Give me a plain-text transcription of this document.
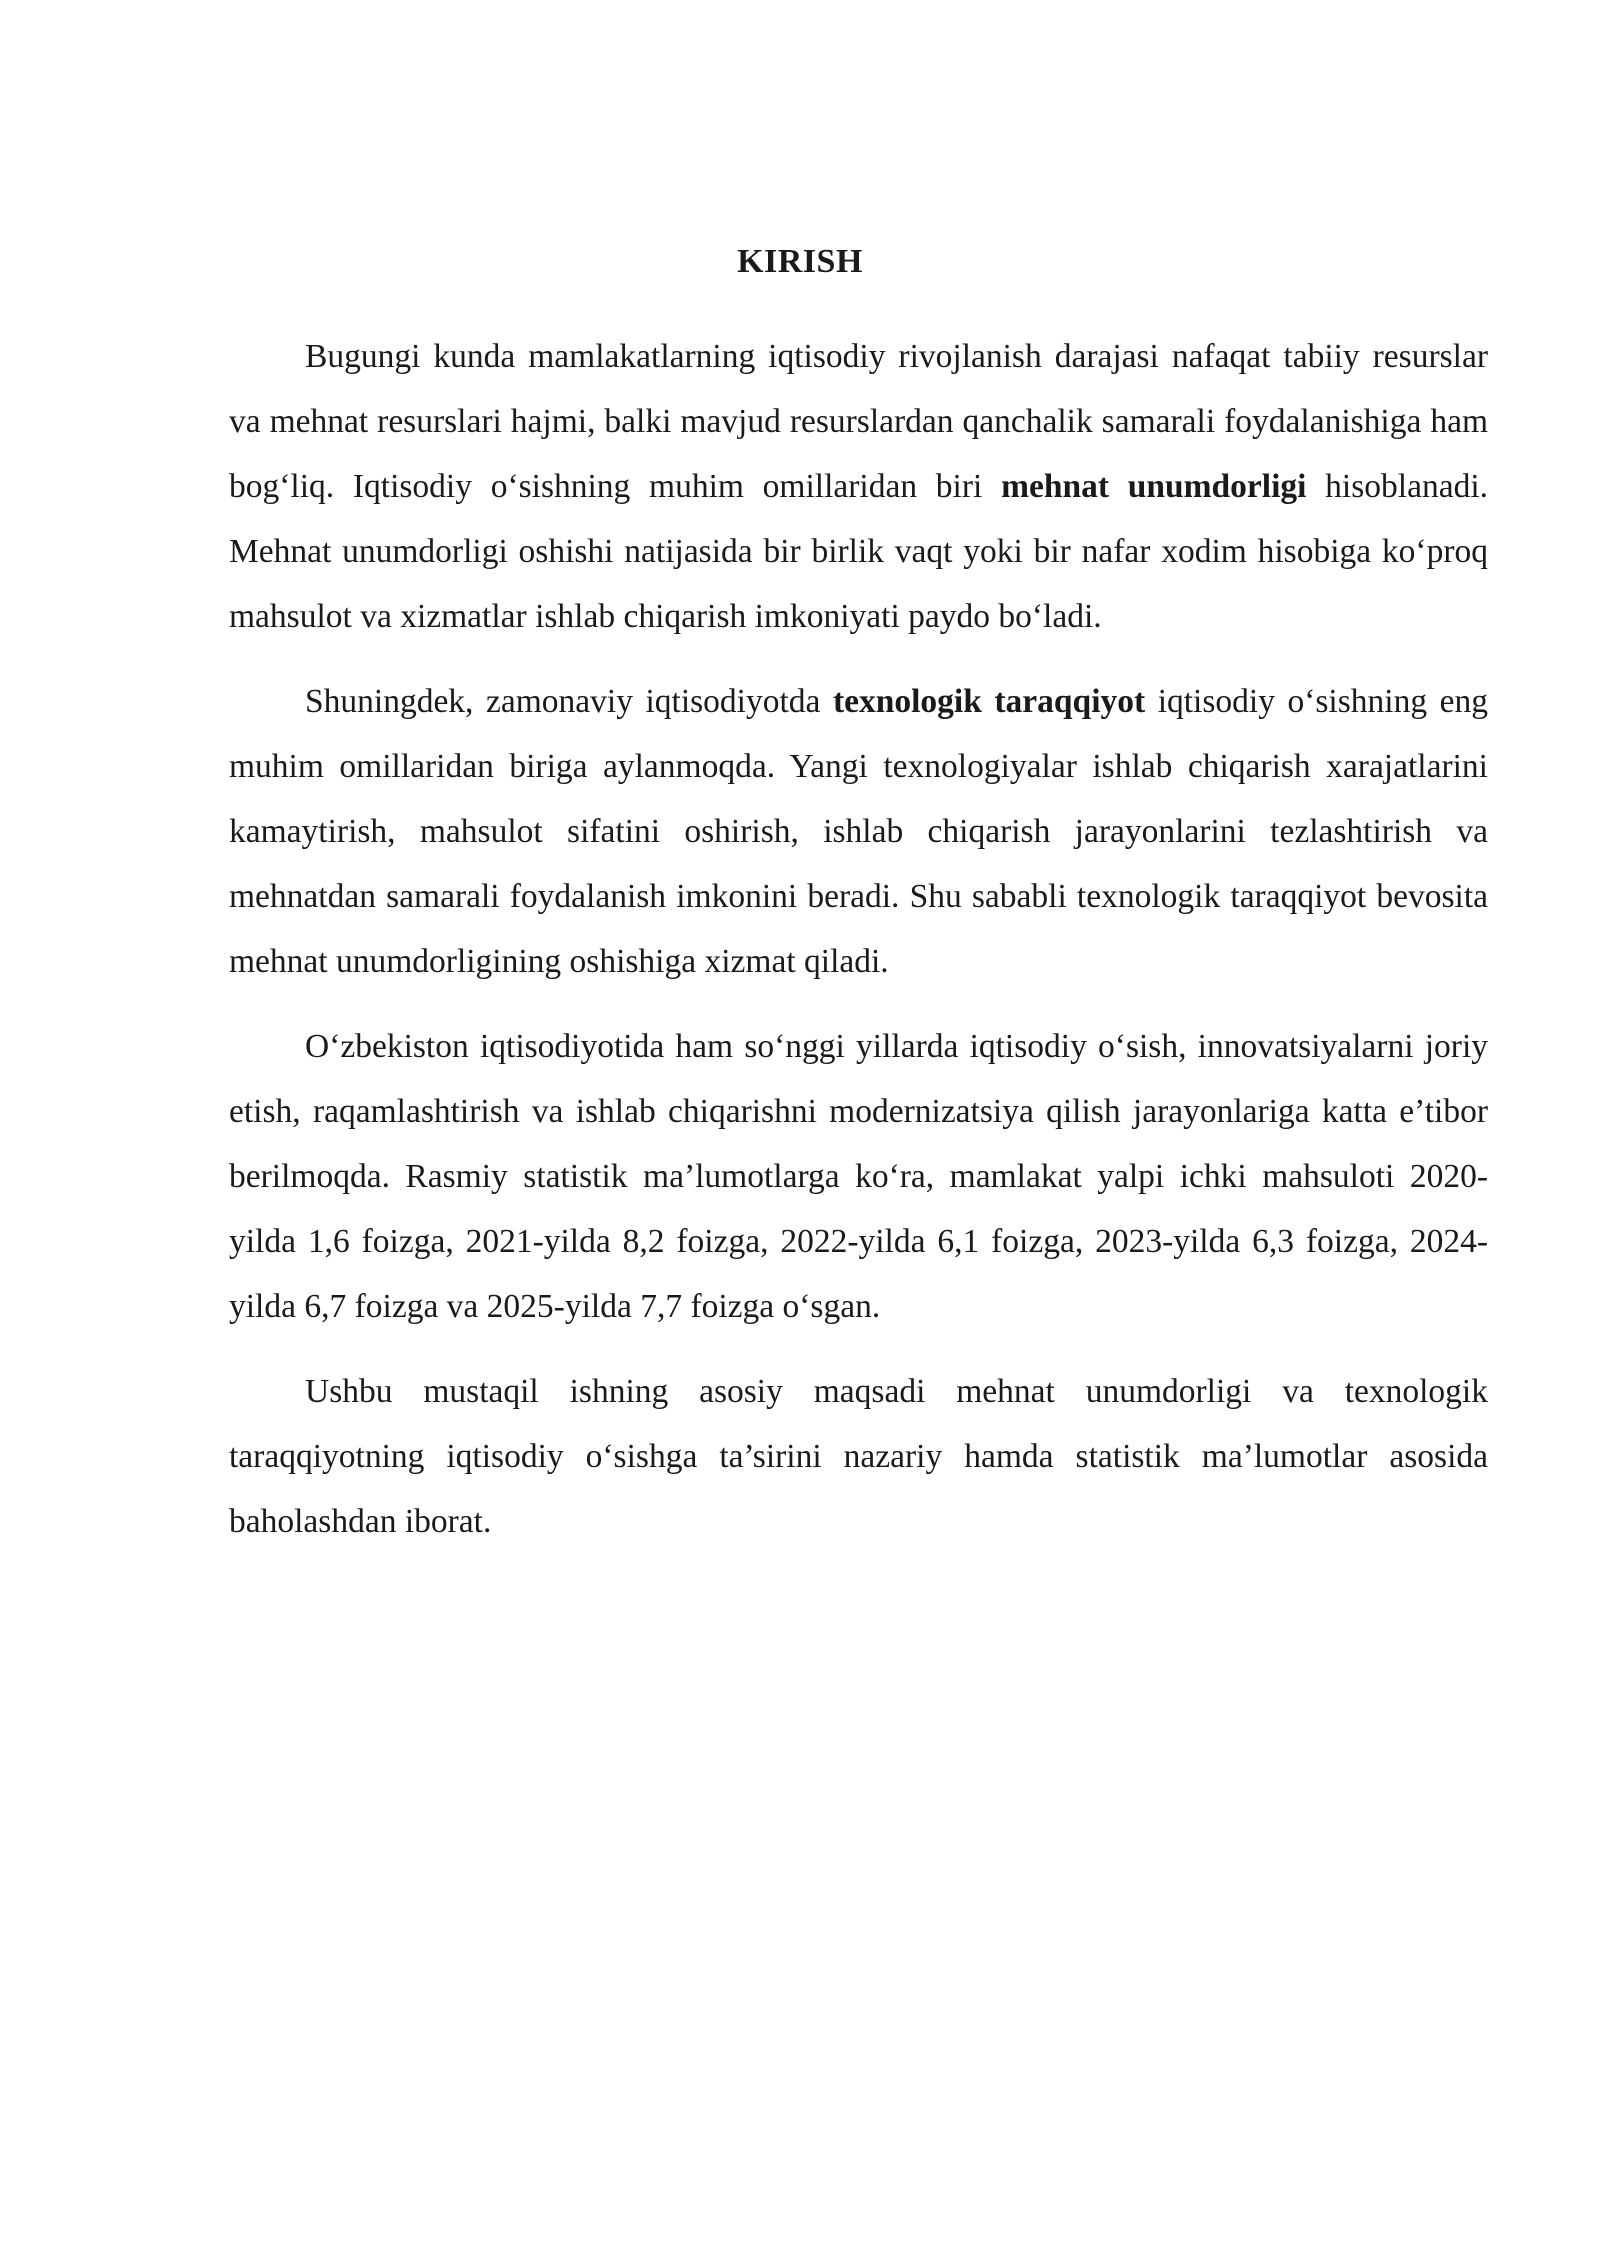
KIRISH

Bugungi kunda mamlakatlarning iqtisodiy rivojlanish darajasi nafaqat tabiiy resurslar va mehnat resurslari hajmi, balki mavjud resurslardan qanchalik samarali foydalanishiga ham bog‘liq. Iqtisodiy o‘sishning muhim omillaridan biri mehnat unumdorligi hisoblanadi. Mehnat unumdorligi oshishi natijasida bir birlik vaqt yoki bir nafar xodim hisobiga ko‘proq mahsulot va xizmatlar ishlab chiqarish imkoniyati paydo bo‘ladi.

Shuningdek, zamonaviy iqtisodiyotda texnologik taraqqiyot iqtisodiy o‘sishning eng muhim omillaridan biriga aylanmoqda. Yangi texnologiyalar ishlab chiqarish xarajatlarini kamaytirish, mahsulot sifatini oshirish, ishlab chiqarish jarayonlarini tezlashtirish va mehnatdan samarali foydalanish imkonini beradi. Shu sababli texnologik taraqqiyot bevosita mehnat unumdorligining oshishiga xizmat qiladi.

O‘zbekiston iqtisodiyotida ham so‘nggi yillarda iqtisodiy o‘sish, innovatsiyalarni joriy etish, raqamlashtirish va ishlab chiqarishni modernizatsiya qilish jarayonlariga katta e’tibor berilmoqda. Rasmiy statistik ma’lumotlarga ko‘ra, mamlakat yalpi ichki mahsuloti 2020-yilda 1,6 foizga, 2021-yilda 8,2 foizga, 2022-yilda 6,1 foizga, 2023-yilda 6,3 foizga, 2024-yilda 6,7 foizga va 2025-yilda 7,7 foizga o‘sgan.

Ushbu mustaqil ishning asosiy maqsadi mehnat unumdorligi va texnologik taraqqiyotning iqtisodiy o‘sishga ta’sirini nazariy hamda statistik ma’lumotlar asosida baholashdan iborat.
